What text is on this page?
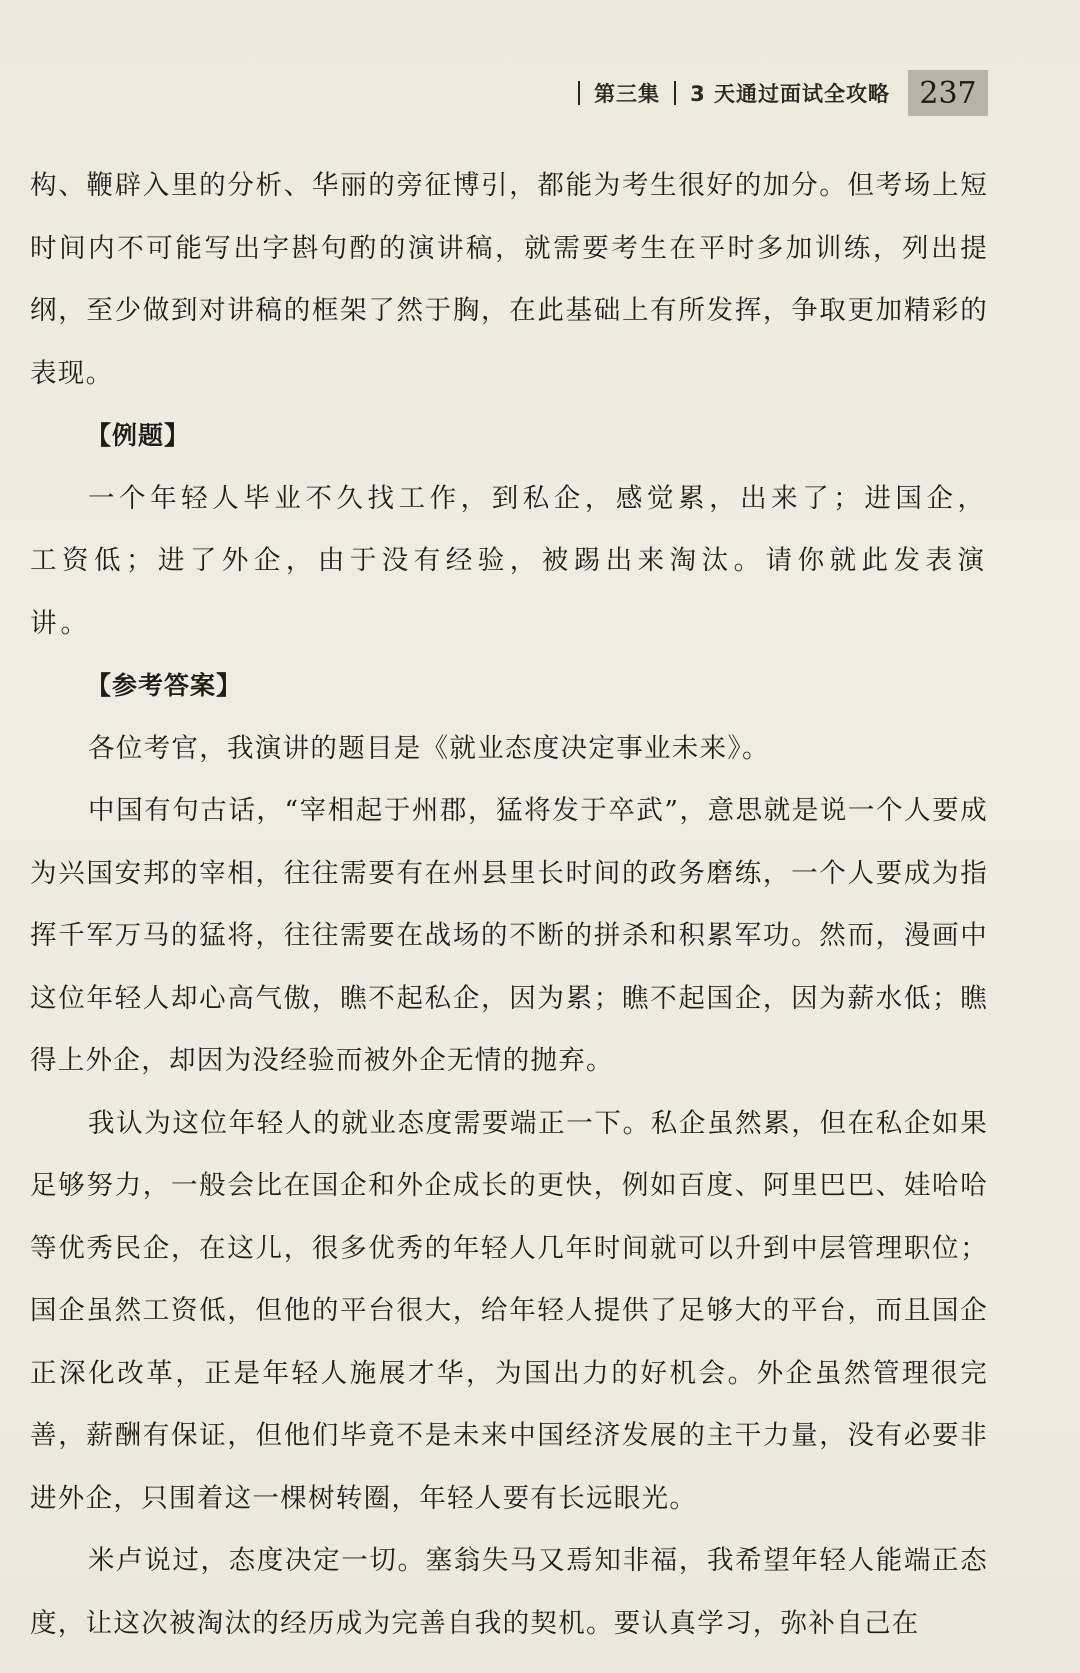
第三集 3 天通过面试全攻略 237

构、鞭辟入里的分析、华丽的旁征博引，都能为考生很好的加分。但考场上短时间内不可能写出字斟句酌的演讲稿，就需要考生在平时多加训练，列出提纲，至少做到对讲稿的框架了然于胸，在此基础上有所发挥，争取更加精彩的表现。

【例题】

一个年轻人毕业不久找工作，到私企，感觉累，出来了；进国企，工资低；进了外企，由于没有经验，被踢出来淘汰。请你就此发表演讲。

【参考答案】

各位考官，我演讲的题目是《就业态度决定事业未来》。

中国有句古话，“宰相起于州郡，猛将发于卒武”，意思就是说一个人要成为兴国安邦的宰相，往往需要有在州县里长时间的政务磨练，一个人要成为指挥千军万马的猛将，往往需要在战场的不断的拼杀和积累军功。然而，漫画中这位年轻人却心高气傲，瞧不起私企，因为累；瞧不起国企，因为薪水低；瞧得上外企，却因为没经验而被外企无情的抛弃。

我认为这位年轻人的就业态度需要端正一下。私企虽然累，但在私企如果足够努力，一般会比在国企和外企成长的更快，例如百度、阿里巴巴、娃哈哈等优秀民企，在这儿，很多优秀的年轻人几年时间就可以升到中层管理职位；国企虽然工资低，但他的平台很大，给年轻人提供了足够大的平台，而且国企正深化改革，正是年轻人施展才华，为国出力的好机会。外企虽然管理很完善，薪酬有保证，但他们毕竟不是未来中国经济发展的主干力量，没有必要非进外企，只围着这一棵树转圈，年轻人要有长远眼光。

米卢说过，态度决定一切。塞翁失马又焉知非福，我希望年轻人能端正态度，让这次被淘汰的经历成为完善自我的契机。要认真学习，弥补自己在
